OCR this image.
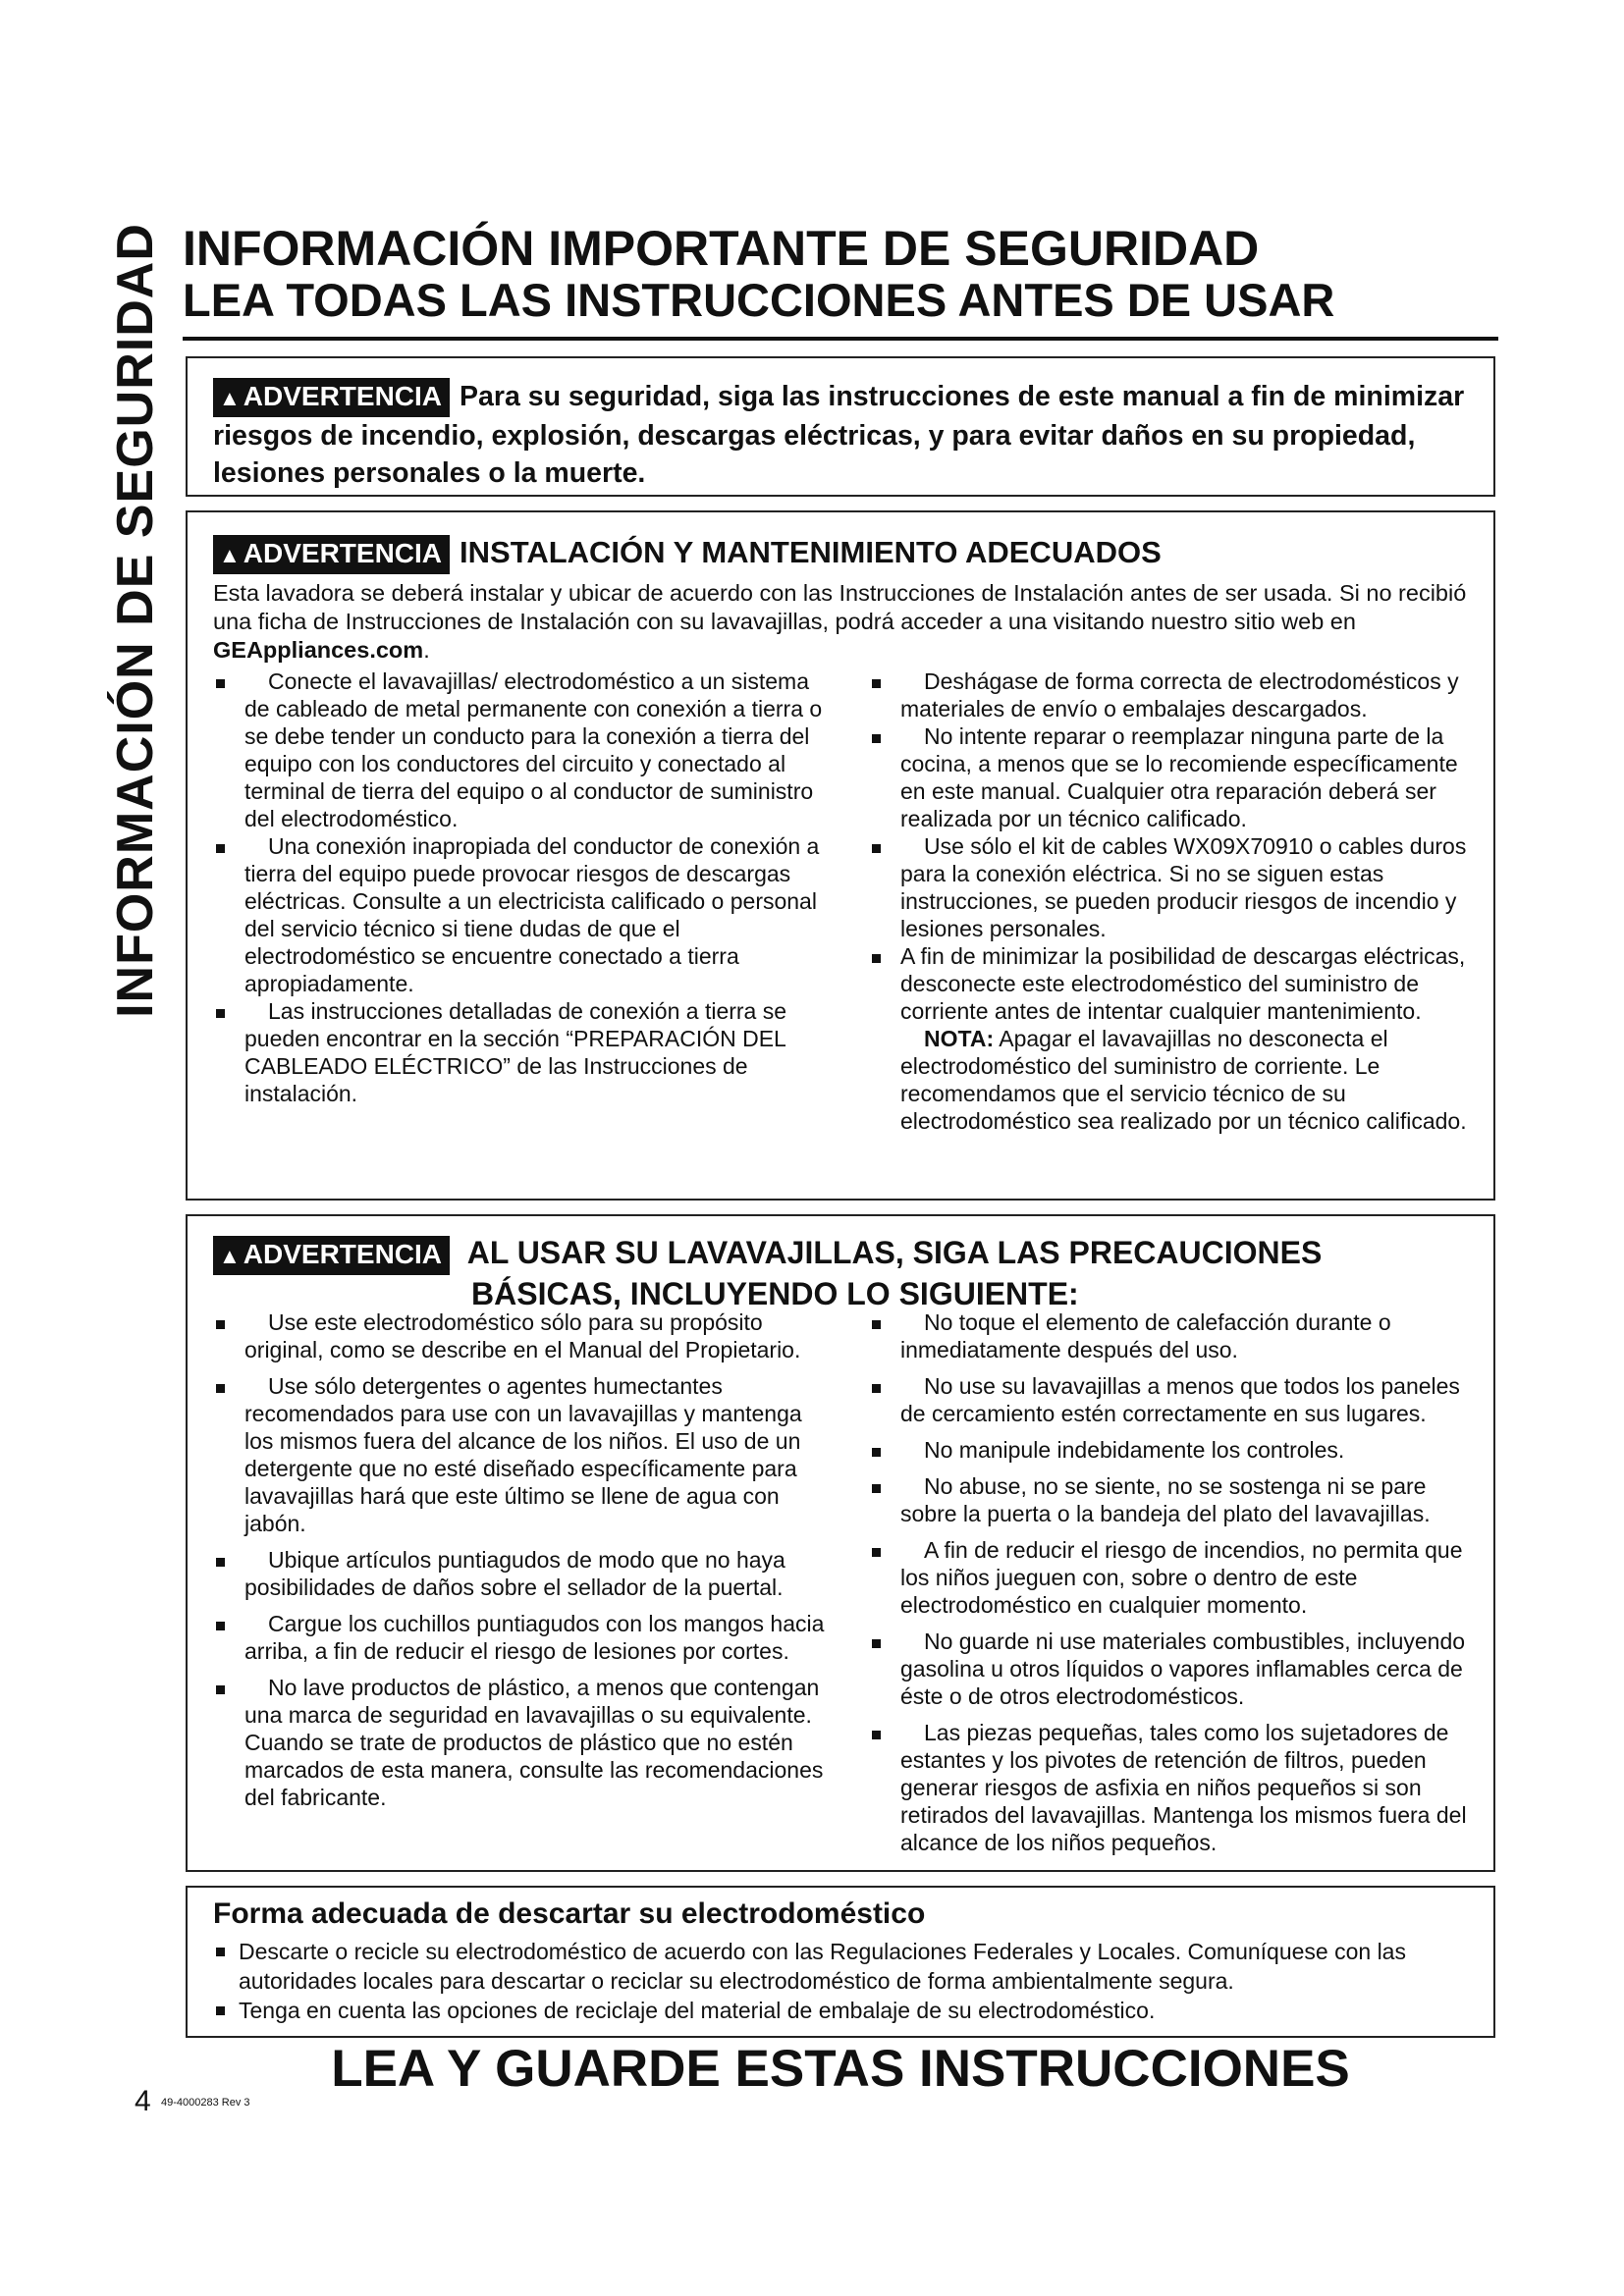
INFORMACIÓN DE SEGURIDAD INFORMACIÓN IMPORTANTE DE SEGURIDAD
LEA TODAS LAS INSTRUCCIONES ANTES DE USAR
▲ ADVERTENCIA Para su seguridad, siga las instrucciones de este manual a fin de minimizar riesgos de incendio, explosión, descargas eléctricas, y para evitar daños en su propiedad, lesiones personales o la muerte.
▲ ADVERTENCIA INSTALACIÓN Y MANTENIMIENTO ADECUADOS
Esta lavadora se deberá instalar y ubicar de acuerdo con las Instrucciones de Instalación antes de ser usada. Si no recibió una ficha de Instrucciones de Instalación con su lavavajillas, podrá acceder a una visitando nuestro sitio web en GEAppliances.com.
Conecte el lavavajillas/ electrodoméstico a un sistema de cableado de metal permanente con conexión a tierra o se debe tender un conducto para la conexión a tierra del equipo con los conductores del circuito y conectado al terminal de tierra del equipo o al conductor de suministro del electrodoméstico.
Una conexión inapropiada del conductor de conexión a tierra del equipo puede provocar riesgos de descargas eléctricas. Consulte a un electricista calificado o personal del servicio técnico si tiene dudas de que el electrodoméstico se encuentre conectado a tierra apropiadamente.
Las instrucciones detalladas de conexión a tierra se pueden encontrar en la sección “PREPARACIÓN DEL CABLEADO ELÉCTRICO” de las Instrucciones de instalación.
Deshágase de forma correcta de electrodomésticos y materiales de envío o embalajes descargados.
No intente reparar o reemplazar ninguna parte de la cocina, a menos que se lo recomiende específicamente en este manual. Cualquier otra reparación deberá ser realizada por un técnico calificado.
Use sólo el kit de cables WX09X70910 o cables duros para la conexión eléctrica. Si no se siguen estas instrucciones, se pueden producir riesgos de incendio y lesiones personales.
A fin de minimizar la posibilidad de descargas eléctricas, desconecte este electrodoméstico del suministro de corriente antes de intentar cualquier mantenimiento.
NOTA: Apagar el lavavajillas no desconecta el electrodoméstico del suministro de corriente. Le recomendamos que el servicio técnico de su electrodoméstico sea realizado por un técnico calificado.
▲ ADVERTENCIA AL USAR SU LAVAVAJILLAS, SIGA LAS PRECAUCIONES
BÁSICAS, INCLUYENDO LO SIGUIENTE:
Use este electrodoméstico sólo para su propósito original, como se describe en el Manual del Propietario.
Use sólo detergentes o agentes humectantes recomendados para use con un lavavajillas y mantenga los mismos fuera del alcance de los niños. El uso de un detergente que no esté diseñado específicamente para lavavajillas hará que este último se llene de agua con jabón.
Ubique artículos puntiagudos de modo que no haya posibilidades de daños sobre el sellador de la puertal.
Cargue los cuchillos puntiagudos con los mangos hacia arriba, a fin de reducir el riesgo de lesiones por cortes.
No lave productos de plástico, a menos que contengan una marca de seguridad en lavavajillas o su equivalente. Cuando se trate de productos de plástico que no estén marcados de esta manera, consulte las recomendaciones del fabricante.
No toque el elemento de calefacción durante o inmediatamente después del uso.
No use su lavavajillas a menos que todos los paneles de cercamiento estén correctamente en sus lugares.
No manipule indebidamente los controles.
No abuse, no se siente, no se sostenga ni se pare sobre la puerta o la bandeja del plato del lavavajillas.
A fin de reducir el riesgo de incendios, no permita que los niños jueguen con, sobre o dentro de este electrodoméstico en cualquier momento.
No guarde ni use materiales combustibles, incluyendo gasolina u otros líquidos o vapores inflamables cerca de éste o de otros electrodomésticos.
Las piezas pequeñas, tales como los sujetadores de estantes y los pivotes de retención de filtros, pueden generar riesgos de asfixia en niños pequeños si son retirados del lavavajillas. Mantenga los mismos fuera del alcance de los niños pequeños.
Forma adecuada de descartar su electrodoméstico
Descarte o recicle su electrodoméstico de acuerdo con las Regulaciones Federales y Locales. Comuníquese con las autoridades locales para descartar o reciclar su electrodoméstico de forma ambientalmente segura.
Tenga en cuenta las opciones de reciclaje del material de embalaje de su electrodoméstico.
LEA Y GUARDE ESTAS INSTRUCCIONES
4 49-4000283 Rev 3
